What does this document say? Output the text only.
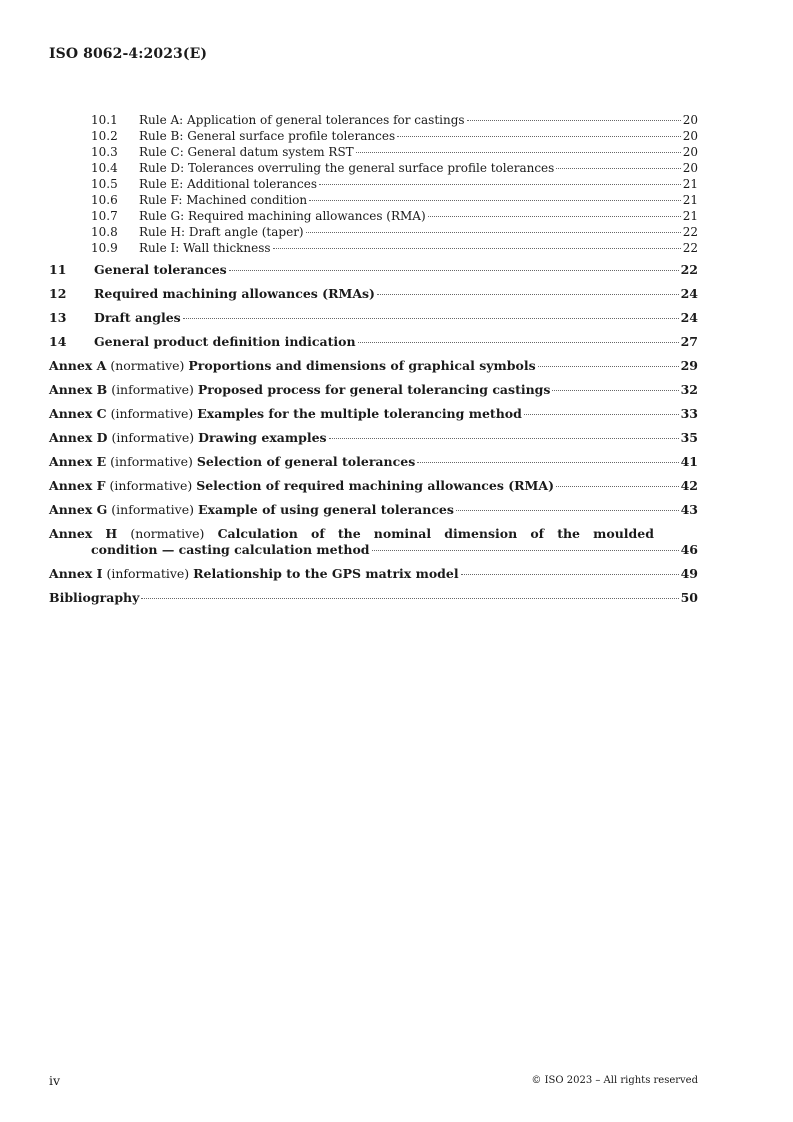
ISO 8062-4:2023(E)
10.1	Rule A: Application of general tolerances for castings	20
10.2	Rule B: General surface profile tolerances	20
10.3	Rule C: General datum system RST	20
10.4	Rule D: Tolerances overruling the general surface profile tolerances	20
10.5	Rule E: Additional tolerances	21
10.6	Rule F: Machined condition	21
10.7	Rule G: Required machining allowances (RMA)	21
10.8	Rule H: Draft angle (taper)	22
10.9	Rule I: Wall thickness	22
11	General tolerances	22
12	Required machining allowances (RMAs)	24
13	Draft angles	24
14	General product definition indication	27
Annex A (normative) Proportions and dimensions of graphical symbols	29
Annex B (informative) Proposed process for general tolerancing castings	32
Annex C (informative) Examples for the multiple tolerancing method	33
Annex D (informative) Drawing examples	35
Annex E (informative) Selection of general tolerances	41
Annex F (informative) Selection of required machining allowances (RMA)	42
Annex G (informative) Example of using general tolerances	43
Annex H (normative) Calculation of the nominal dimension of the moulded
condition — casting calculation method	46
Annex I (informative) Relationship to the GPS matrix model	49
Bibliography	50
iv	© ISO 2023 – All rights reserved
